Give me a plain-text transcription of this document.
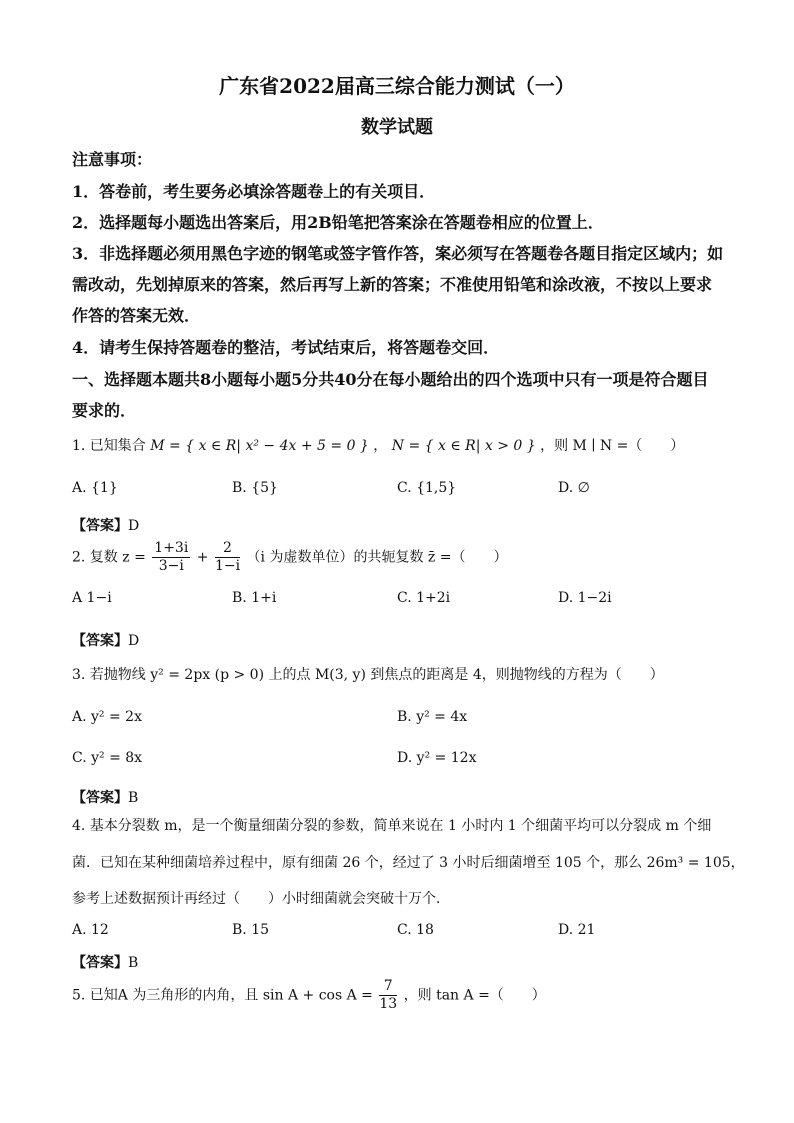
广东省2022届高三综合能力测试（一）
数学试题
注意事项：
1．答卷前，考生要务必填涂答题卷上的有关项目．
2．选择题每小题选出答案后，用2B铅笔把答案涂在答题卷相应的位置上．
3．非选择题必须用黑色字迹的钢笔或签字管作答，案必须写在答题卷各题目指定区域内；如
需改动，先划掉原来的答案，然后再写上新的答案；不准使用铅笔和涂改液，不按以上要求
作答的答案无效．
4．请考生保持答题卷的整洁，考试结束后，将答题卷交回．
一、选择题本题共8小题每小题5分共40分在每小题给出的四个选项中只有一项是符合题目
要求的．
1. 已知集合 M = { x ∈ R| x² − 4x + 5 = 0 } ， N = { x ∈ R| x > 0 } ，则 M ∣ N =（　　）
A. {1}	B. {5}	C. {1,5}	D. ∅
【答案】D
2. 复数 $z = \frac{1+3i}{3-i} + \frac{2}{1-i} (i$ 为虚数单位）的共轭复数 z̄ =（　　）
A 1−i	B. 1+i	C. 1+2i	D. 1−2i
【答案】D
3. 若抛物线 y² = 2px (p > 0) 上的点 M(3, y) 到焦点的距离是 4，则抛物线的方程为（　　）
A. y² = 2x	B. y² = 4x
C. y² = 8x	D. y² = 12x
【答案】B
4. 基本分裂数 m，是一个衡量细菌分裂的参数，简单来说在 1 小时内 1 个细菌平均可以分裂成 m 个细
菌．已知在某种细菌培养过程中，原有细菌 26 个，经过了 3 小时后细菌增至 105 个，那么 26m³ = 105，
参考上述数据预计再经过（　　）小时细菌就会突破十万个．
A. 12	B. 15	C. 18	D. 21
【答案】B
5. 已知A 为三角形的内角，且 $\sin A + \cos A = \frac{7}{13}$ ，则 tan A =（　　）
